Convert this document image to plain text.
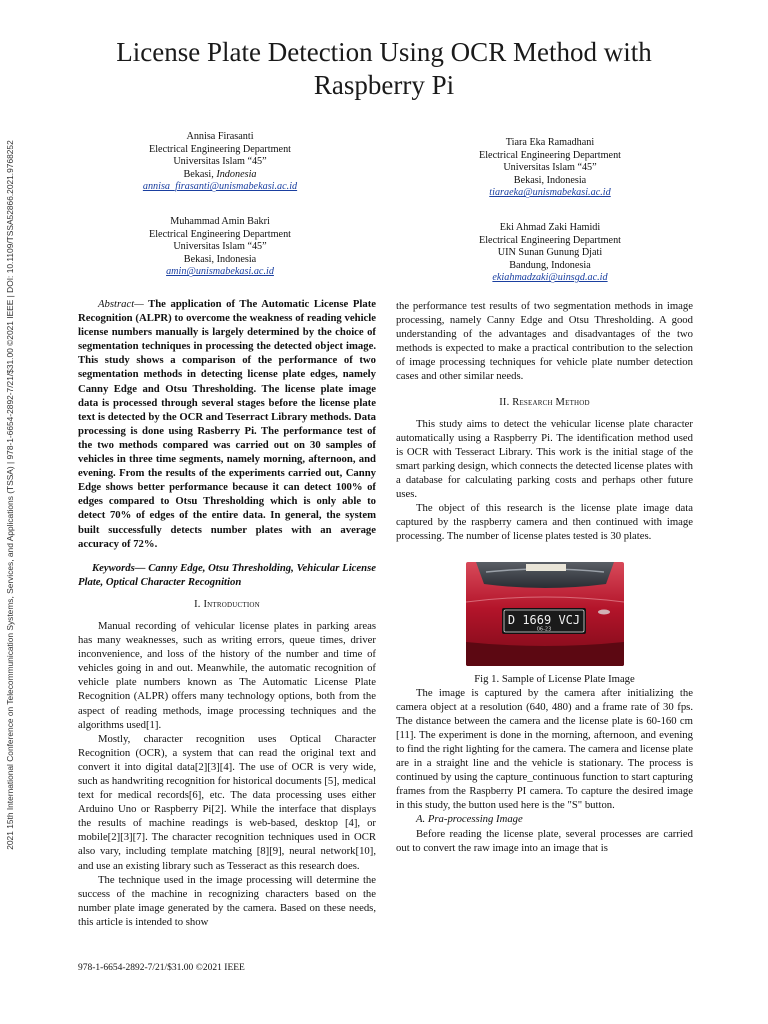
2021 15th International Conference on Telecommunication Systems, Services, and Applications (TSSA) | 978-1-6654-2892-7/21/$31.00 ©2021 IEEE | DOI: 10.1109/TSSA52866.2021.9768252
License Plate Detection Using OCR Method with
Raspberry Pi
Annisa Firasanti
Electrical Engineering Department
Universitas Islam “45”
Bekasi, Indonesia
annisa_firasanti@unismabekasi.ac.id
Tiara Eka Ramadhani
Electrical Engineering Department
Universitas Islam “45”
Bekasi, Indonesia
tiaraeka@unismabekasi.ac.id
Muhammad Amin Bakri
Electrical Engineering Department
Universitas Islam “45”
Bekasi, Indonesia
amin@unismabekasi.ac.id
Eki Ahmad Zaki Hamidi
Electrical Engineering Department
UIN Sunan Gunung Djati
Bandung, Indonesia
ekiahmadzaki@uinsgd.ac.id

Abstract— The application of The Automatic License Plate Recognition (ALPR) to overcome the weakness of reading vehicle license numbers manually is largely determined by the choice of segmentation techniques in processing the detected object image. This study shows a comparison of the performance of two segmentation methods in detecting license plate edges, namely Canny Edge and Otsu Thresholding. The license plate image data is processed through several stages before the license plate text is detected by the OCR and Teserract Library methods. Data processing is done using Rasberry Pi. The performance test of the two methods compared was carried out on 30 samples of vehicles in three time segments, namely morning, afternoon, and evening. From the results of the experiments carried out, Canny Edge shows better performance because it can detect 100% of edges compared to Otsu Thresholding which is only able to detect 70% of edges of the entire data. In general, the system built successfully detects number plates with an average accuracy of 72%.

Keywords— Canny Edge, Otsu Thresholding, Vehicular License Plate, Optical Character Recognition

I. Introduction

Manual recording of vehicular license plates in parking areas has many weaknesses, such as writing errors, queue times, driver inconvenience, and loss of the history of the number and time of vehicles going in and out. Meanwhile, the automatic recognition of vehicle plate numbers known as The Automatic License Plate Recognition (ALPR) offers many technology options, both from the aspect of reading methods, image processing techniques and the algorithms used[1].

Mostly, character recognition uses Optical Character Recognition (OCR), a system that can read the original text and convert it into digital data[2][3][4]. The use of OCR is very wide, such as handwriting recognition for historical documents [5], medical text for medical records[6], etc. The data processing uses either Arduino Uno or Raspberry Pi[2]. While the interface that displays the results of machine readings is web-based, desktop [4], or mobile[2][3][7]. The character recognition techniques used in OCR also vary, including template matching [8][9], neural network[10], and use an existing library such as Tesseract as this research does.

The technique used in the image processing will determine the success of the machine in recognizing characters based on the number plate image generated by the camera. Based on these needs, this article is intended to show

the performance test results of two segmentation methods in image processing, namely Canny Edge and Otsu Thresholding. A good understanding of the advantages and disadvantages of the two methods is expected to make a practical contribution to the selection of image processing techniques for vehicle plate number detection cases and other similar needs.

II. Research Method

This study aims to detect the vehicular license plate character automatically using a Raspberry Pi. The identification method used is OCR with Tesseract Library. This work is the initial stage of the smart parking design, which connects the detected license plates with a database for calculating parking costs and perhaps other future uses.

The object of this research is the license plate image data captured by the raspberry camera and then continued with image processing. The number of license plates tested is 30 plates.

D 1669 VCJ
06-23

Fig 1. Sample of License Plate Image

The image is captured by the camera after initializing the camera object at a resolution (640, 480) and a frame rate of 30 fps. The distance between the camera and the license plate is 60-160 cm [11]. The experiment is done in the morning, afternoon, and evening to find the right lighting for the camera. The camera and license plate are in a straight line and the vehicle is stationary. The process is continued by using the capture_continuous function to start capturing frames from the Raspberry PI camera. To capture the desired image in this study, the button used here is the "S" button.

A. Pra-processing Image

Before reading the license plate, several processes are carried out to convert the raw image into an image that is

978-1-6654-2892-7/21/$31.00 ©2021 IEEE
